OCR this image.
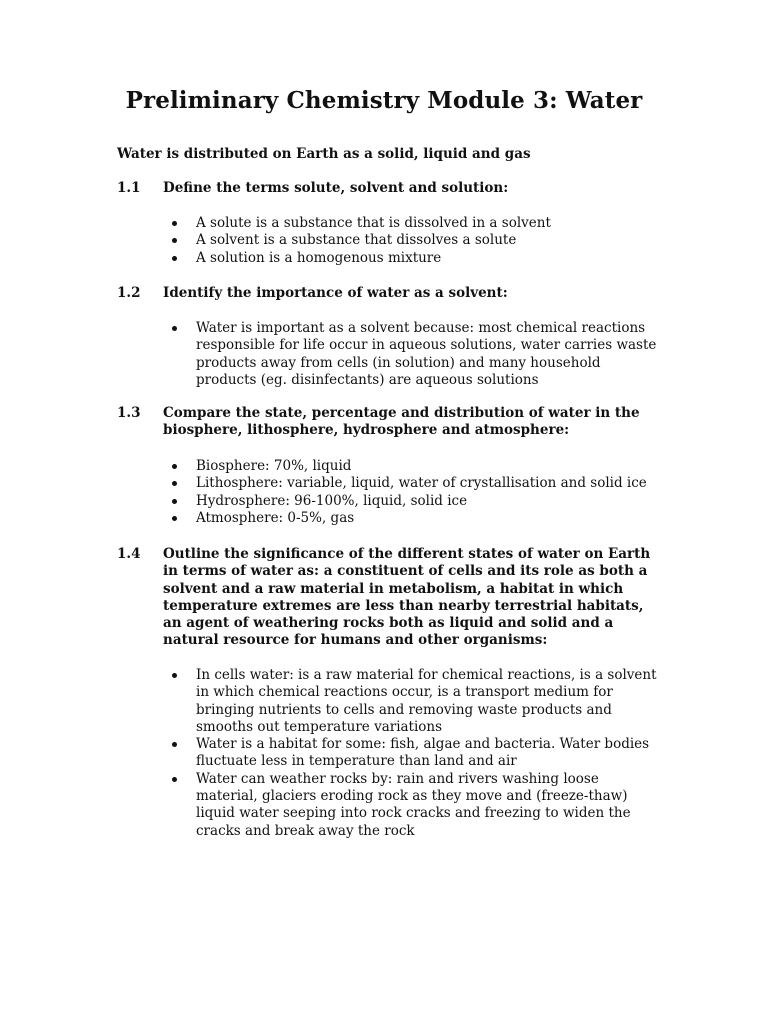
Preliminary Chemistry Module 3: Water

Water is distributed on Earth as a solid, liquid and gas

1.1 Define the terms solute, solvent and solution:
A solute is a substance that is dissolved in a solvent
A solvent is a substance that dissolves a solute
A solution is a homogenous mixture
1.2 Identify the importance of water as a solvent:
Water is important as a solvent because: most chemical reactions responsible for life occur in aqueous solutions, water carries waste products away from cells (in solution) and many household products (eg. disinfectants) are aqueous solutions
1.3 Compare the state, percentage and distribution of water in the biosphere, lithosphere, hydrosphere and atmosphere:
Biosphere: 70%, liquid
Lithosphere: variable, liquid, water of crystallisation and solid ice
Hydrosphere: 96-100%, liquid, solid ice
Atmosphere: 0-5%, gas
1.4 Outline the significance of the different states of water on Earth in terms of water as: a constituent of cells and its role as both a solvent and a raw material in metabolism, a habitat in which temperature extremes are less than nearby terrestrial habitats, an agent of weathering rocks both as liquid and solid and a natural resource for humans and other organisms:
In cells water: is a raw material for chemical reactions, is a solvent in which chemical reactions occur, is a transport medium for bringing nutrients to cells and removing waste products and smooths out temperature variations
Water is a habitat for some: fish, algae and bacteria. Water bodies fluctuate less in temperature than land and air
Water can weather rocks by: rain and rivers washing loose material, glaciers eroding rock as they move and (freeze-thaw) liquid water seeping into rock cracks and freezing to widen the cracks and break away the rock
